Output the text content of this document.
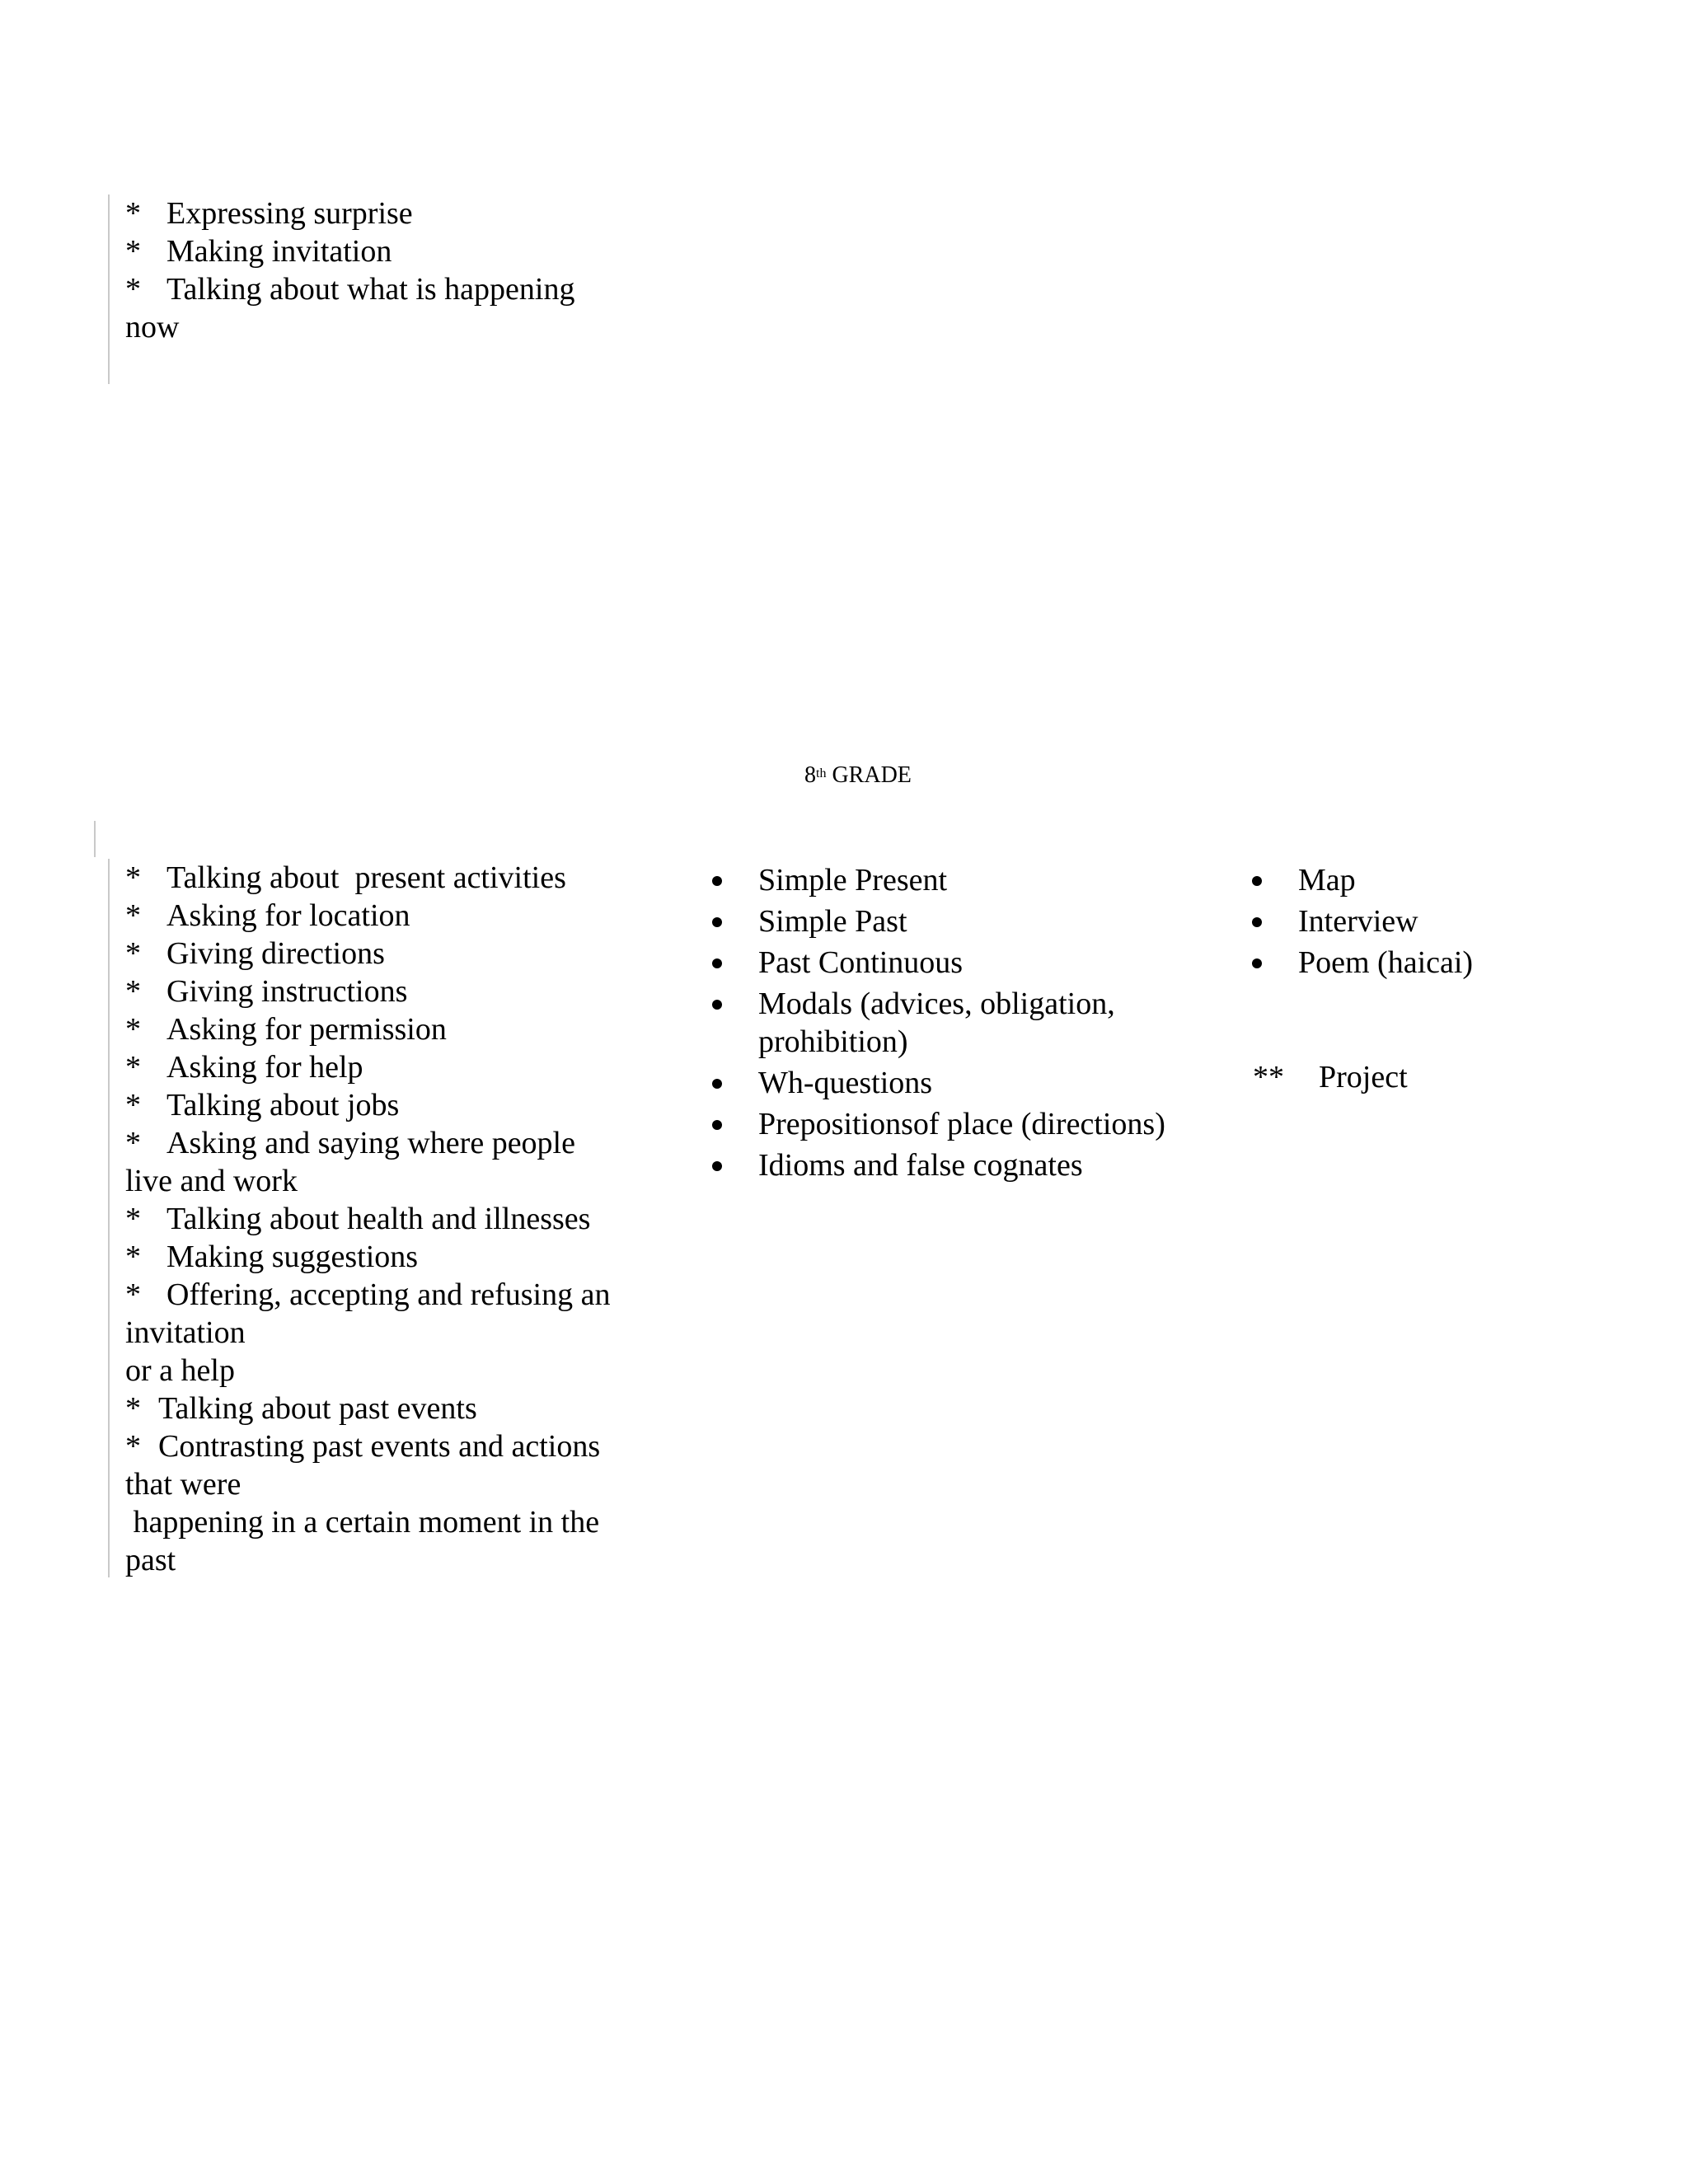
* Expressing surprise
* Making invitation
* Talking about what is happening
now
8th GRADE
* Talking about  present activities
* Asking for location
* Giving directions
* Giving instructions
* Asking for permission
* Asking for help
* Talking about jobs
* Asking and saying where people
live and work
* Talking about health and illnesses
* Making suggestions
* Offering, accepting and refusing an
invitation
or a help
* Talking about past events
* Contrasting past events and actions
that were
happening in a certain moment in the
past
Simple Present
Simple Past
Past Continuous
Modals (advices, obligation, prohibition)
Wh-questions
Prepositionsof place (directions)
Idioms and false cognates
Map
Interview
Poem (haicai)
** Project
